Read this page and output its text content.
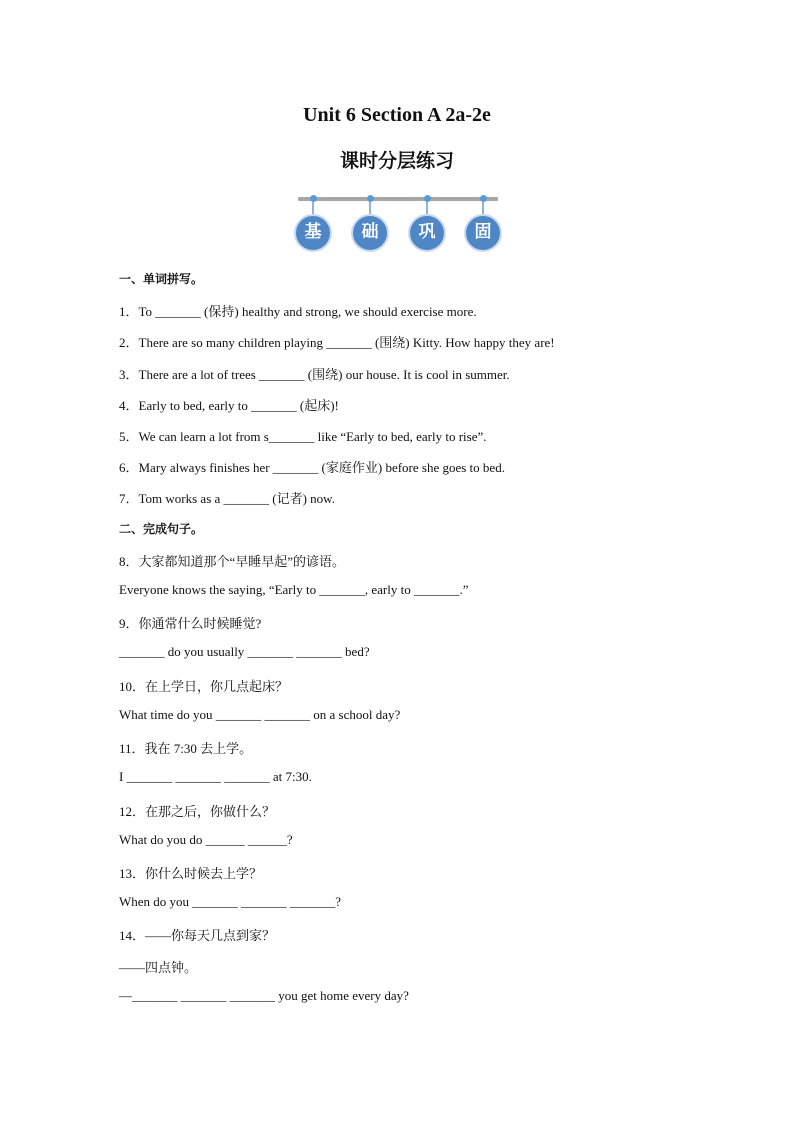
Unit 6 Section A 2a-2e
课时分层练习
基	础	巩	固
一、单词拼写。
1．To _______ (保持) healthy and strong, we should exercise more.
2．There are so many children playing _______ (围绕) Kitty. How happy they are!
3．There are a lot of trees _______ (围绕) our house. It is cool in summer.
4．Early to bed, early to _______ (起床)!
5．We can learn a lot from s_______ like “Early to bed, early to rise”.
6．Mary always finishes her _______ (家庭作业) before she goes to bed.
7．Tom works as a _______ (记者) now.
二、完成句子。
8．大家都知道那个“早睡早起”的谚语。
Everyone knows the saying, “Early to _______, early to _______.”
9．你通常什么时候睡觉?
_______ do you usually _______ _______ bed?
10．在上学日，你几点起床？
What time do you _______ _______ on a school day?
11．我在 7:30 去上学。
I _______ _______ _______ at 7:30.
12．在那之后，你做什么？
What do you do ______ ______?
13．你什么时候去上学？
When do you _______ _______ _______?
14．——你每天几点到家？
——四点钟。
—_______ _______ _______ you get home every day?
